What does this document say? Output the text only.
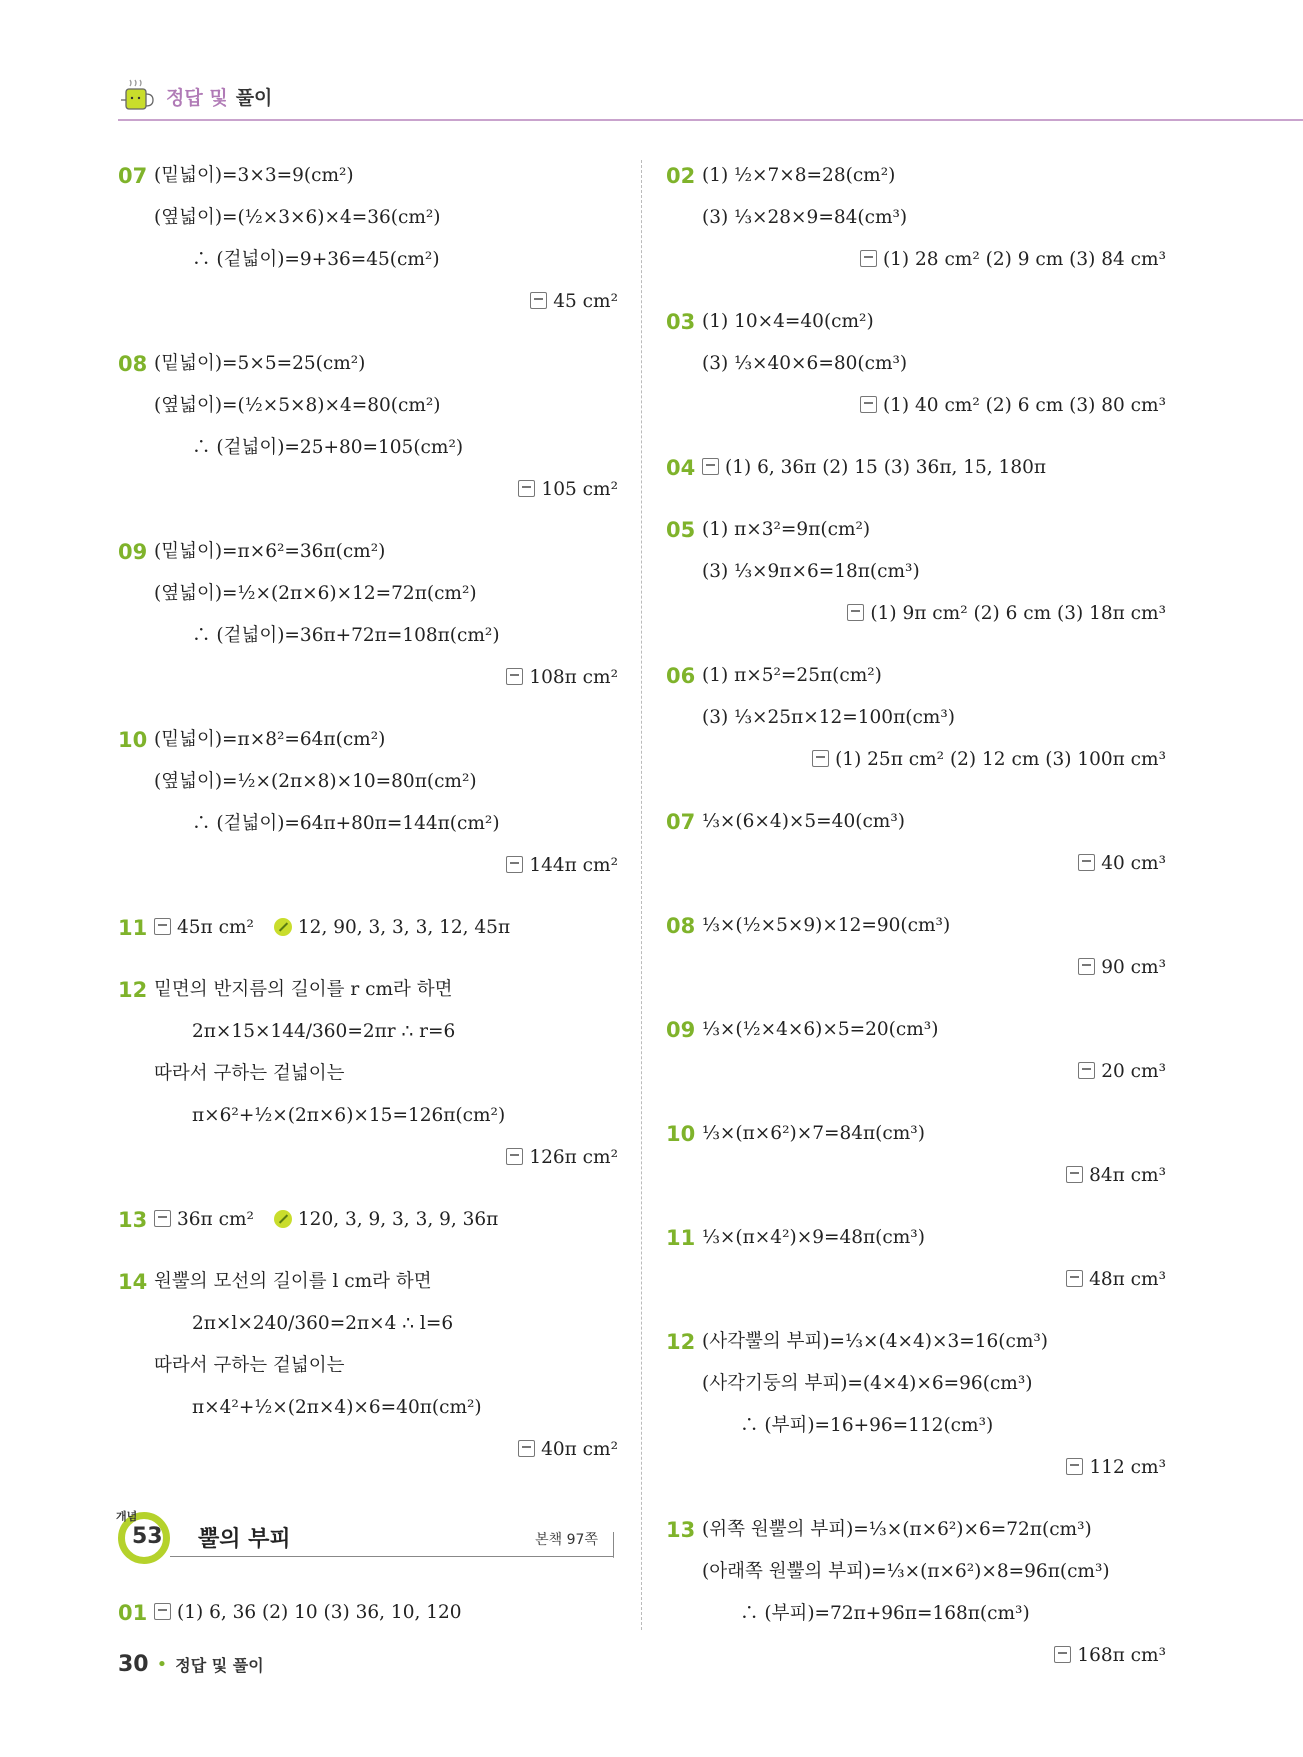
정답 및 풀이
07 (밑넓이)=3×3=9(cm²)
(옆넓이)=(½×3×6)×4=36(cm²)
∴ (겉넓이)=9+36=45(cm²)
45 cm²
08 (밑넓이)=5×5=25(cm²)
(옆넓이)=(½×5×8)×4=80(cm²)
∴ (겉넓이)=25+80=105(cm²)
105 cm²
09 (밑넓이)=π×6²=36π(cm²)
(옆넓이)=½×(2π×6)×12=72π(cm²)
∴ (겉넓이)=36π+72π=108π(cm²)
108π cm²
10 (밑넓이)=π×8²=64π(cm²)
(옆넓이)=½×(2π×8)×10=80π(cm²)
∴ (겉넓이)=64π+80π=144π(cm²)
144π cm²
11	45π cm² 12, 90, 3, 3, 3, 12, 45π
12 밑면의 반지름의 길이를 r cm라 하면
2π×15×144/360=2πr ∴ r=6
따라서 구하는 겉넓이는
π×6²+½×(2π×6)×15=126π(cm²)
126π cm²
13	36π cm² 120, 3, 9, 3, 3, 9, 36π
14 원뿔의 모선의 길이를 l cm라 하면
2π×l×240/360=2π×4 ∴ l=6
따라서 구하는 겉넓이는
π×4²+½×(2π×4)×6=40π(cm²)
40π cm²
02 (1) ½×7×8=28(cm²)
(3) ⅓×28×9=84(cm³)
(1) 28 cm² (2) 9 cm (3) 84 cm³
03 (1) 10×4=40(cm²)
(3) ⅓×40×6=80(cm³)
(1) 40 cm² (2) 6 cm (3) 80 cm³
04	(1) 6, 36π (2) 15 (3) 36π, 15, 180π
05 (1) π×3²=9π(cm²)
(3) ⅓×9π×6=18π(cm³)
(1) 9π cm² (2) 6 cm (3) 18π cm³
06 (1) π×5²=25π(cm²)
(3) ⅓×25π×12=100π(cm³)
(1) 25π cm² (2) 12 cm (3) 100π cm³
07 ⅓×(6×4)×5=40(cm³)
40 cm³
08 ⅓×(½×5×9)×12=90(cm³)
90 cm³
09 ⅓×(½×4×6)×5=20(cm³)
20 cm³
10 ⅓×(π×6²)×7=84π(cm³)
84π cm³
11 ⅓×(π×4²)×9=48π(cm³)
48π cm³
12 (사각뿔의 부피)=⅓×(4×4)×3=16(cm³)
(사각기둥의 부피)=(4×4)×6=96(cm³)
∴ (부피)=16+96=112(cm³)
112 cm³
13 (위쪽 원뿔의 부피)=⅓×(π×6²)×6=72π(cm³)
(아래쪽 원뿔의 부피)=⅓×(π×6²)×8=96π(cm³)
∴ (부피)=72π+96π=168π(cm³)
168π cm³
개념
53 뿔의 부피	본책 97쪽
01	(1) 6, 36 (2) 10 (3) 36, 10, 120
30 • 정답 및 풀이
